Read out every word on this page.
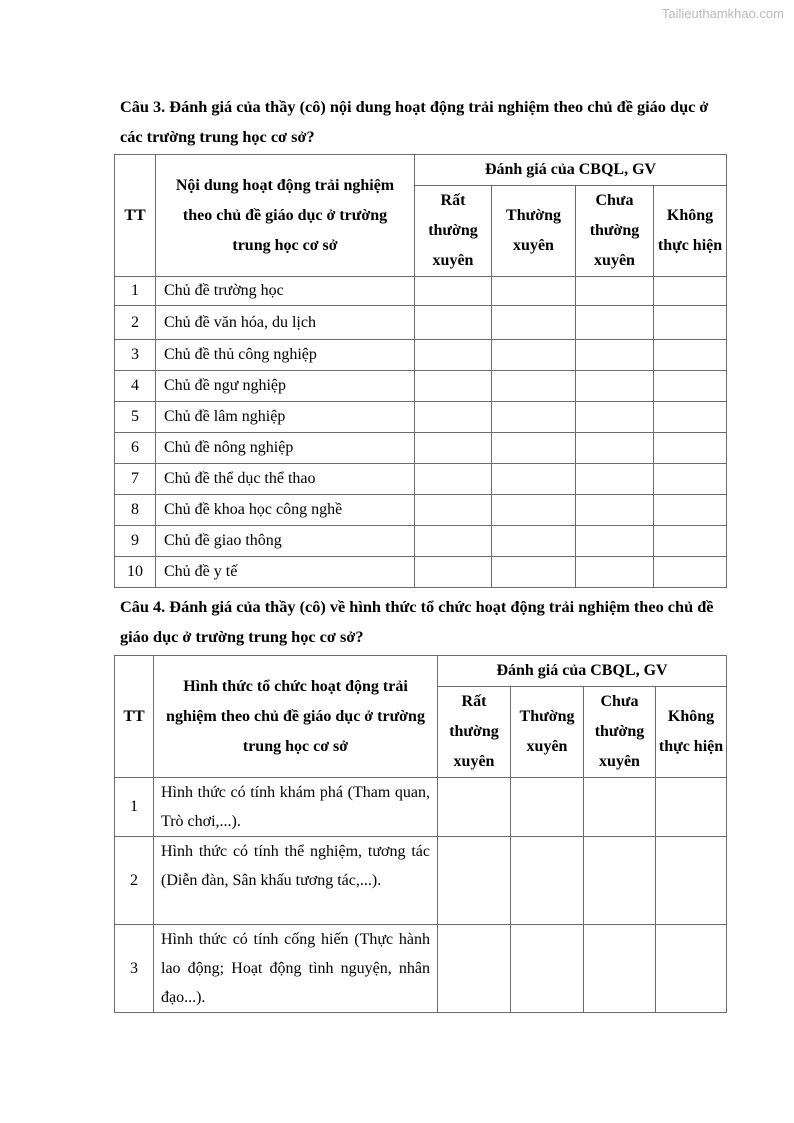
Tailieuthamkhao.com
Câu 3. Đánh giá của thầy (cô) nội dung hoạt động trải nghiệm theo chủ đề giáo dục ở các trường trung học cơ sở?
TT	Nội dung hoạt động trải nghiệm theo chủ đề giáo dục ở trường trung học cơ sở	Đánh giá của CBQL, GV			
		Rất thường xuyên	Thường xuyên	Chưa thường xuyên	Không thực hiện
1	Chủ đề trường học				
2	Chủ đề văn hóa, du lịch				
3	Chủ đề thủ công nghiệp				
4	Chủ đề ngư nghiệp				
5	Chủ đề lâm nghiệp				
6	Chủ đề nông nghiệp				
7	Chủ đề thể dục thể thao				
8	Chủ đề khoa học công nghề				
9	Chủ đề giao thông				
10	Chủ đề y tế				
Câu 4. Đánh giá của thầy (cô) về hình thức tổ chức hoạt động trải nghiệm theo chủ đề giáo dục ở trường trung học cơ sở?
TT	Hình thức tổ chức hoạt động trải nghiệm theo chủ đề giáo dục ở trường trung học cơ sở	Đánh giá của CBQL, GV			
		Rất thường xuyên	Thường xuyên	Chưa thường xuyên	Không thực hiện
1	Hình thức có tính khám phá (Tham quan, Trò chơi,...).				
2	Hình thức có tính thể nghiệm, tương tác (Diễn đàn, Sân khấu tương tác,...).				
3	Hình thức có tính cống hiến (Thực hành lao động; Hoạt động tình nguyện, nhân đạo...).				
